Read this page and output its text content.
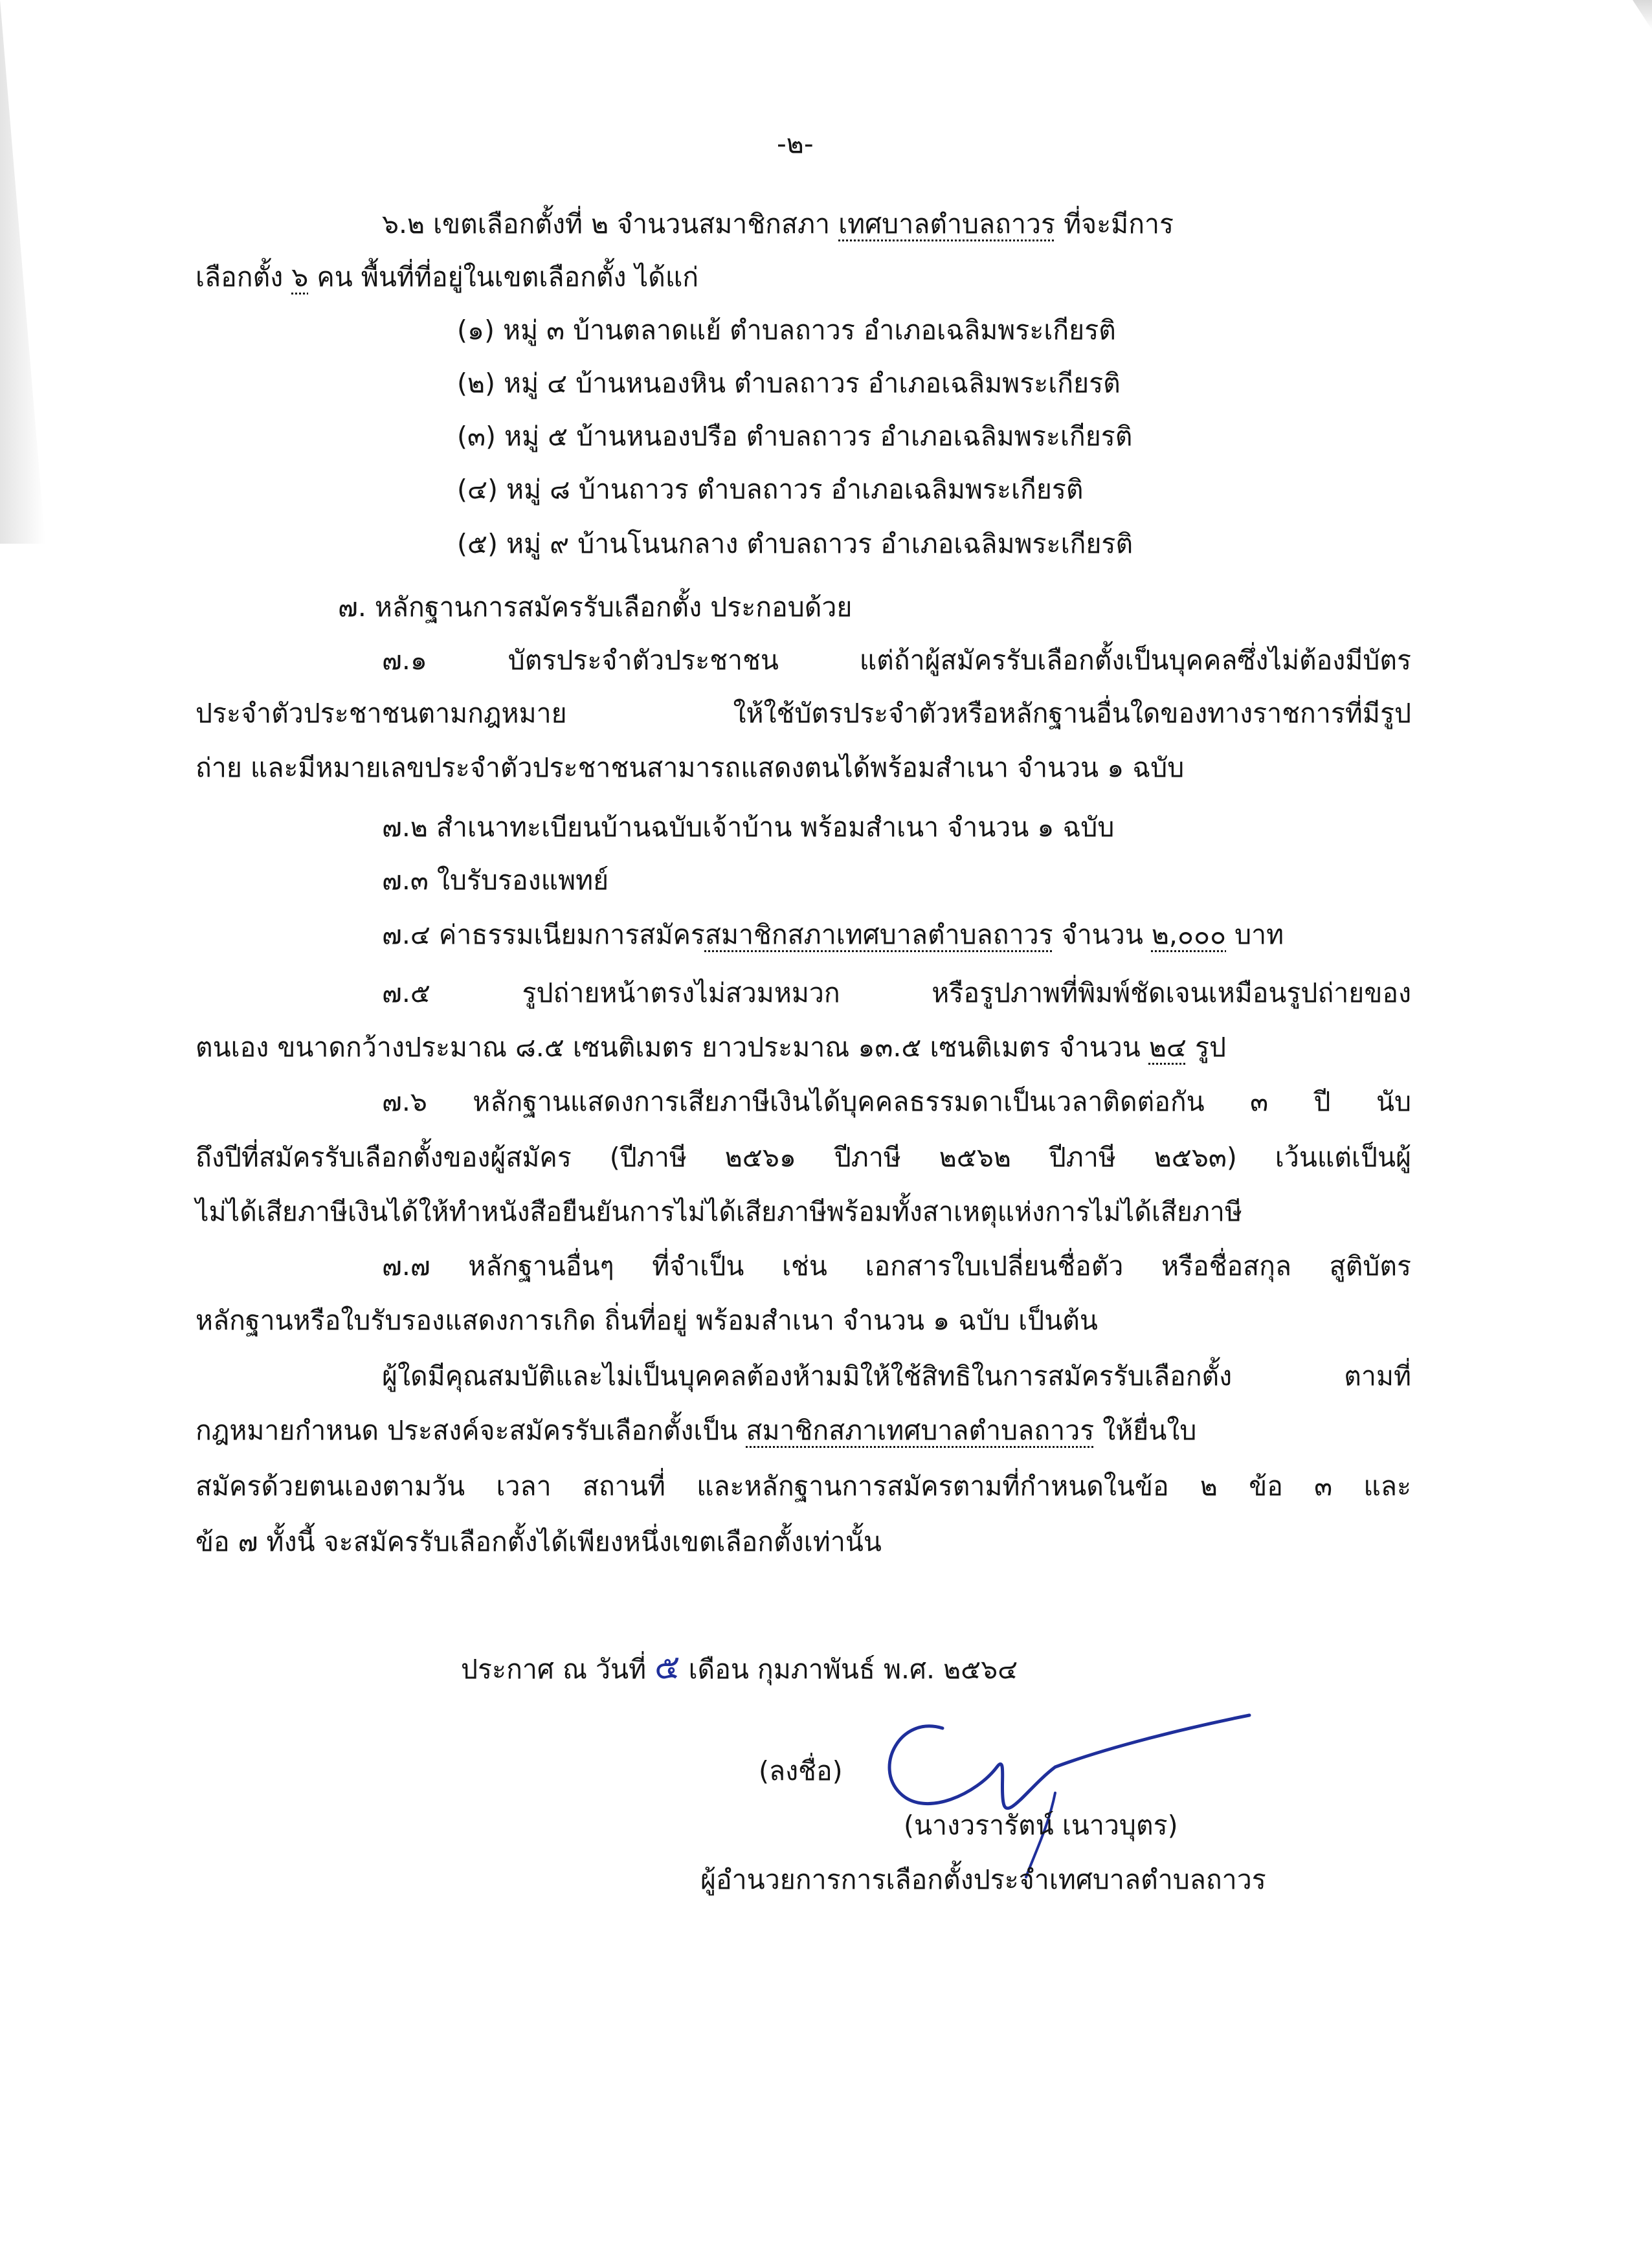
-๒-
๖.๒ เขตเลือกตั้งที่ ๒ จำนวนสมาชิกสภา เทศบาลตำบลถาวร ที่จะมีการ
เลือกตั้ง ๖ คน พื้นที่ที่อยู่ในเขตเลือกตั้ง ได้แก่
(๑) หมู่ ๓ บ้านตลาดแย้ ตำบลถาวร อำเภอเฉลิมพระเกียรติ
(๒) หมู่ ๔ บ้านหนองหิน ตำบลถาวร อำเภอเฉลิมพระเกียรติ
(๓) หมู่ ๕ บ้านหนองปรือ ตำบลถาวร อำเภอเฉลิมพระเกียรติ
(๔) หมู่ ๘ บ้านถาวร ตำบลถาวร อำเภอเฉลิมพระเกียรติ
(๕) หมู่ ๙ บ้านโนนกลาง ตำบลถาวร อำเภอเฉลิมพระเกียรติ
๗. หลักฐานการสมัครรับเลือกตั้ง ประกอบด้วย
๗.๑ บัตรประจำตัวประชาชน แต่ถ้าผู้สมัครรับเลือกตั้งเป็นบุคคลซึ่งไม่ต้องมีบัตร
ประจำตัวประชาชนตามกฎหมาย ให้ใช้บัตรประจำตัวหรือหลักฐานอื่นใดของทางราชการที่มีรูป
ถ่าย และมีหมายเลขประจำตัวประชาชนสามารถแสดงตนได้พร้อมสำเนา จำนวน ๑ ฉบับ
๗.๒ สำเนาทะเบียนบ้านฉบับเจ้าบ้าน พร้อมสำเนา จำนวน ๑ ฉบับ
๗.๓ ใบรับรองแพทย์
๗.๔ ค่าธรรมเนียมการสมัครสมาชิกสภาเทศบาลตำบลถาวร จำนวน ๒,๐๐๐ บาท
๗.๕ รูปถ่ายหน้าตรงไม่สวมหมวก หรือรูปภาพที่พิมพ์ชัดเจนเหมือนรูปถ่ายของ
ตนเอง ขนาดกว้างประมาณ ๘.๕ เซนติเมตร ยาวประมาณ ๑๓.๕ เซนติเมตร จำนวน ๒๔ รูป
๗.๖ หลักฐานแสดงการเสียภาษีเงินได้บุคคลธรรมดาเป็นเวลาติดต่อกัน ๓ ปี นับ
ถึงปีที่สมัครรับเลือกตั้งของผู้สมัคร (ปีภาษี ๒๕๖๑ ปีภาษี ๒๕๖๒ ปีภาษี ๒๕๖๓) เว้นแต่เป็นผู้
ไม่ได้เสียภาษีเงินได้ให้ทำหนังสือยืนยันการไม่ได้เสียภาษีพร้อมทั้งสาเหตุแห่งการไม่ได้เสียภาษี
๗.๗ หลักฐานอื่นๆ ที่จำเป็น เช่น เอกสารใบเปลี่ยนชื่อตัว หรือชื่อสกุล สูติบัตร
หลักฐานหรือใบรับรองแสดงการเกิด ถิ่นที่อยู่ พร้อมสำเนา จำนวน ๑ ฉบับ เป็นต้น
ผู้ใดมีคุณสมบัติและไม่เป็นบุคคลต้องห้ามมิให้ใช้สิทธิในการสมัครรับเลือกตั้ง ตามที่
กฎหมายกำหนด ประสงค์จะสมัครรับเลือกตั้งเป็น สมาชิกสภาเทศบาลตำบลถาวร ให้ยื่นใบ
สมัครด้วยตนเองตามวัน เวลา สถานที่ และหลักฐานการสมัครตามที่กำหนดในข้อ ๒ ข้อ ๓ และ
ข้อ ๗ ทั้งนี้ จะสมัครรับเลือกตั้งได้เพียงหนึ่งเขตเลือกตั้งเท่านั้น
ประกาศ ณ วันที่ ๕ เดือน กุมภาพันธ์ พ.ศ. ๒๕๖๔
(ลงชื่อ)
(นางวรารัตน์ เนาวบุตร)
ผู้อำนวยการการเลือกตั้งประจำเทศบาลตำบลถาวร
